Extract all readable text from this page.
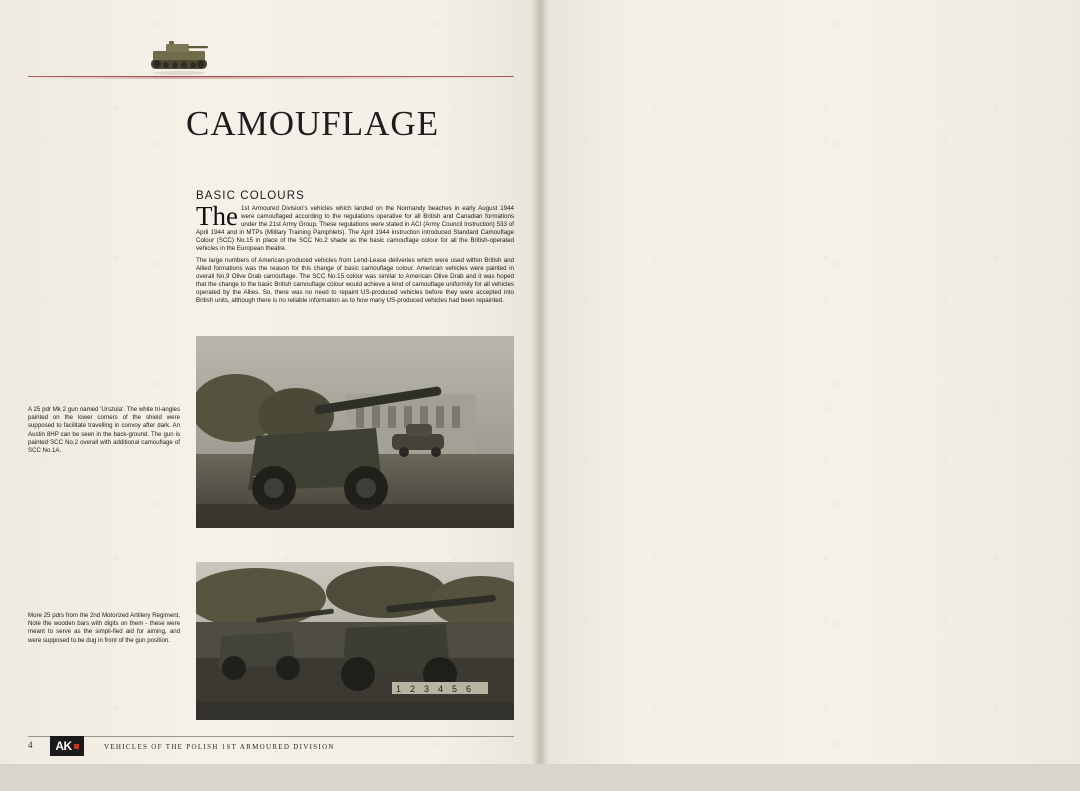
CAMOUFLAGE
BASIC COLOURS

The 1st Armoured Division's vehicles which landed on the Normandy beaches in early August 1944 were camouflaged according to the regulations operative for all British and Canadian formations under the 21st Army Group. These regulations were stated in ACI (Army Council Instruction) 533 of April 1944 and in MTPs (Military Training Pamphlets). The April 1944 instruction introduced Standard Camouflage Colour (SCC) No.15 in place of the SCC No.2 shade as the basic camouflage colour for all the British-operated vehicles in the European theatre.

The large numbers of American-produced vehicles from Lend-Lease deliveries which were used within British and Allied formations was the reason for this change of basic camouflage colour. American vehicles were painted in overall No.9 Olive Drab camouflage. The SCC No.15 colour was similar to American Olive Drab and it was hoped that the change to the basic British camouflage colour would achieve a kind of camouflage uniformity for all vehicles operated by the Allies. So, there was no need to repaint US-produced vehicles before they were accepted into British units, although there is no reliable information as to how many US-produced vehicles had been repainted.

A 25 pdr Mk 2 gun named 'Urszula'. The white tri-angles painted on the lower corners of the shield were supposed to facilitate travelling in convoy after dark. An Austin 8HP can be seen in the back-ground. The gun is painted SCC No.2 overall with additional camouflage of SCC No.1A.
1 2 3 4 5 6
More 25 pdrs from the 2nd Motorized Artillery Regiment. Note the wooden bars with digits on them - these were meant to serve as the simpli-fied aid for aiming, and were supposed to be dug in front of the gun position.
4 AK	VEHICLES OF THE POLISH 1ST ARMOURED DIVISION
